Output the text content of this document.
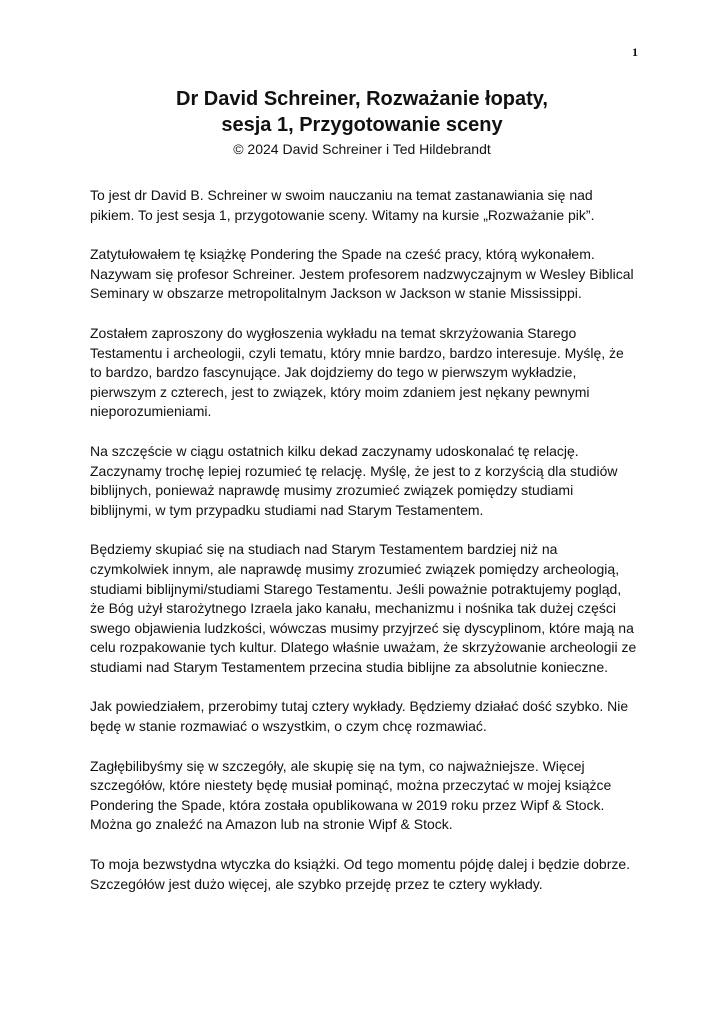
1

Dr David Schreiner, Rozważanie łopaty,

sesja 1, Przygotowanie sceny

© 2024 David Schreiner i Ted Hildebrandt

To jest dr David B. Schreiner w swoim nauczaniu na temat zastanawiania się nad pikiem. To jest sesja 1, przygotowanie sceny. Witamy na kursie „Rozważanie pik”.

Zatytułowałem tę książkę Pondering the Spade na cześć pracy, którą wykonałem. Nazywam się profesor Schreiner. Jestem profesorem nadzwyczajnym w Wesley Biblical Seminary w obszarze metropolitalnym Jackson w Jackson w stanie Mississippi.

Zostałem zaproszony do wygłoszenia wykładu na temat skrzyżowania Starego Testamentu i archeologii, czyli tematu, który mnie bardzo, bardzo interesuje. Myślę, że to bardzo, bardzo fascynujące. Jak dojdziemy do tego w pierwszym wykładzie, pierwszym z czterech, jest to związek, który moim zdaniem jest nękany pewnymi nieporozumieniami.

Na szczęście w ciągu ostatnich kilku dekad zaczynamy udoskonalać tę relację. Zaczynamy trochę lepiej rozumieć tę relację. Myślę, że jest to z korzyścią dla studiów biblijnych, ponieważ naprawdę musimy zrozumieć związek pomiędzy studiami biblijnymi, w tym przypadku studiami nad Starym Testamentem.

Będziemy skupiać się na studiach nad Starym Testamentem bardziej niż na czymkolwiek innym, ale naprawdę musimy zrozumieć związek pomiędzy archeologią, studiami biblijnymi/studiami Starego Testamentu. Jeśli poważnie potraktujemy pogląd, że Bóg użył starożytnego Izraela jako kanału, mechanizmu i nośnika tak dużej części swego objawienia ludzkości, wówczas musimy przyjrzeć się dyscyplinom, które mają na celu rozpakowanie tych kultur. Dlatego właśnie uważam, że skrzyżowanie archeologii ze studiami nad Starym Testamentem przecina studia biblijne za absolutnie konieczne.

Jak powiedziałem, przerobimy tutaj cztery wykłady. Będziemy działać dość szybko. Nie będę w stanie rozmawiać o wszystkim, o czym chcę rozmawiać.

Zagłębilibyśmy się w szczegóły, ale skupię się na tym, co najważniejsze. Więcej szczegółów, które niestety będę musiał pominąć, można przeczytać w mojej książce Pondering the Spade, która została opublikowana w 2019 roku przez Wipf & Stock. Można go znaleźć na Amazon lub na stronie Wipf & Stock.

To moja bezwstydna wtyczka do książki. Od tego momentu pójdę dalej i będzie dobrze. Szczegółów jest dużo więcej, ale szybko przejdę przez te cztery wykłady.
